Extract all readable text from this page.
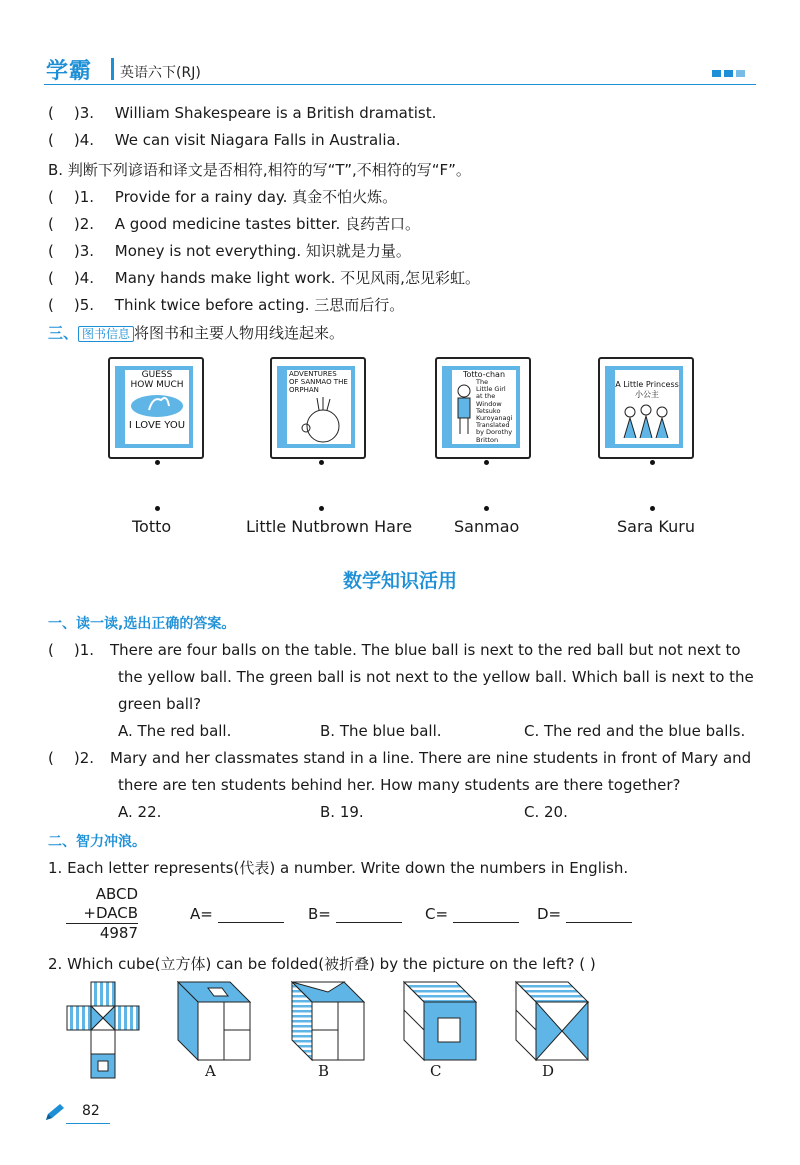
学霸 英语六下(RJ)
( )3. William Shakespeare is a British dramatist.
( )4. We can visit Niagara Falls in Australia.
B. 判断下列谚语和译文是否相符,相符的写“T”,不相符的写“F”。
( )1. Provide for a rainy day. 真金不怕火炼。
( )2. A good medicine tastes bitter. 良药苦口。
( )3. Money is not everything. 知识就是力量。
( )4. Many hands make light work. 不见风雨,怎见彩虹。
( )5. Think twice before acting. 三思而后行。
三、 图书信息 将图书和主要人物用线连起来。
GUESS
HOW MUCH
I LOVE YOU
ADVENTURES
OF SANMAO THE
ORPHAN
Totto-chan
The
Little Girl
at the
Window
Tetsuko
Kuroyanagi
Translated
by Dorothy
Britton
A Little Princess
小公主
Totto	Little Nutbrown Hare	Sanmao	Sara Kuru
数学知识活用
一、读一读,选出正确的答案。
( )1. There are four balls on the table. The blue ball is next to the red ball but not next to
the yellow ball. The green ball is not next to the yellow ball. Which ball is next to the
green ball?
A. The red ball.	B. The blue ball.	C. The red and the blue balls.
( )2. Mary and her classmates stand in a line. There are nine students in front of Mary and
there are ten students behind her. How many students are there together?
A. 22.	B. 19.	C. 20.
二、智力冲浪。
1. Each letter represents(代表) a number. Write down the numbers in English.
ABCD
+DACB
4987
A=	B=	C=	D=
2. Which cube(立方体) can be folded(被折叠) by the picture on the left? ( )
A	B	C	D
82
